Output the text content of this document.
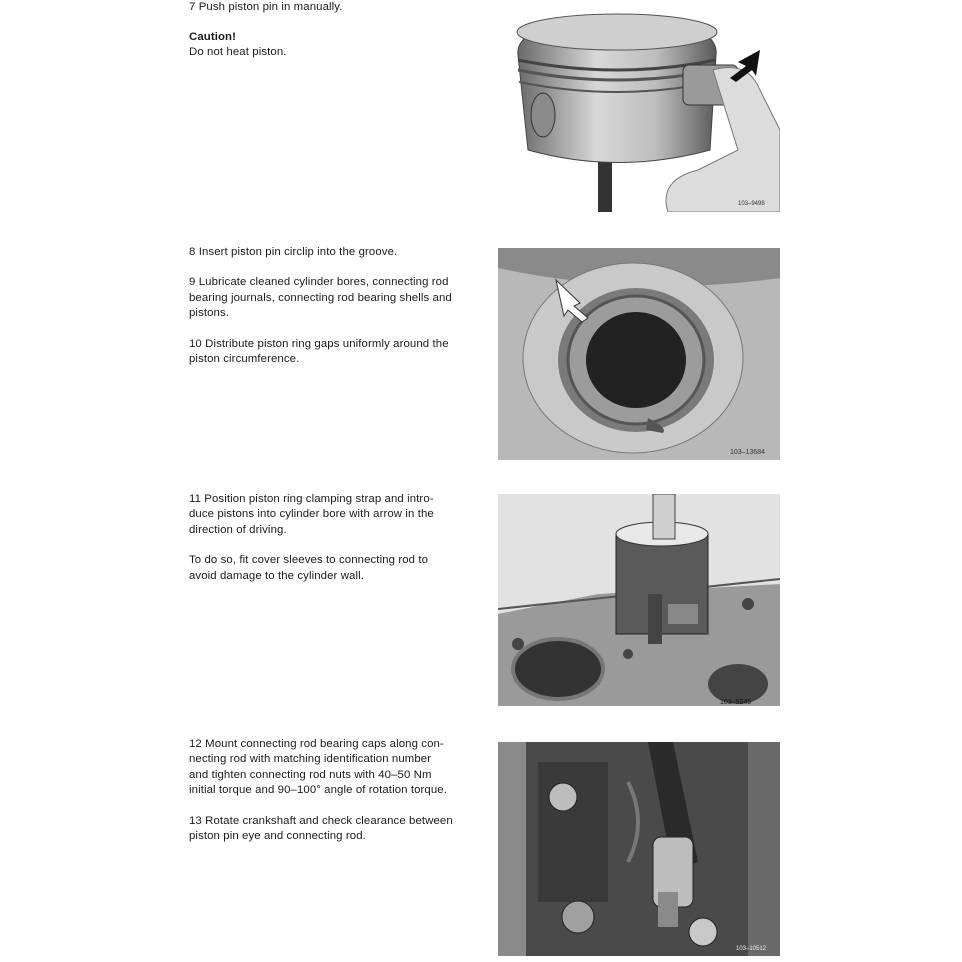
7 Push piston pin in manually.

Caution!

Do not heat piston.

8 Insert piston pin circlip into the groove.

9 Lubricate cleaned cylinder bores, connecting rod
bearing journals, connecting rod bearing shells and
pistons.

10 Distribute piston ring gaps uniformly around the
piston circumference.

11 Position piston ring clamping strap and intro-
duce pistons into cylinder bore with arrow in the
direction of driving.

To do so, fit cover sleeves to connecting rod to
avoid damage to the cylinder wall.

12 Mount connecting rod bearing caps along con-
necting rod with matching identification number
and tighten connecting rod nuts with 40–50 Nm
initial torque and 90–100° angle of rotation torque.

13 Rotate crankshaft and check clearance between
piston pin eye and connecting rod.

103–9498
103–13684
103–9245
103–10512
